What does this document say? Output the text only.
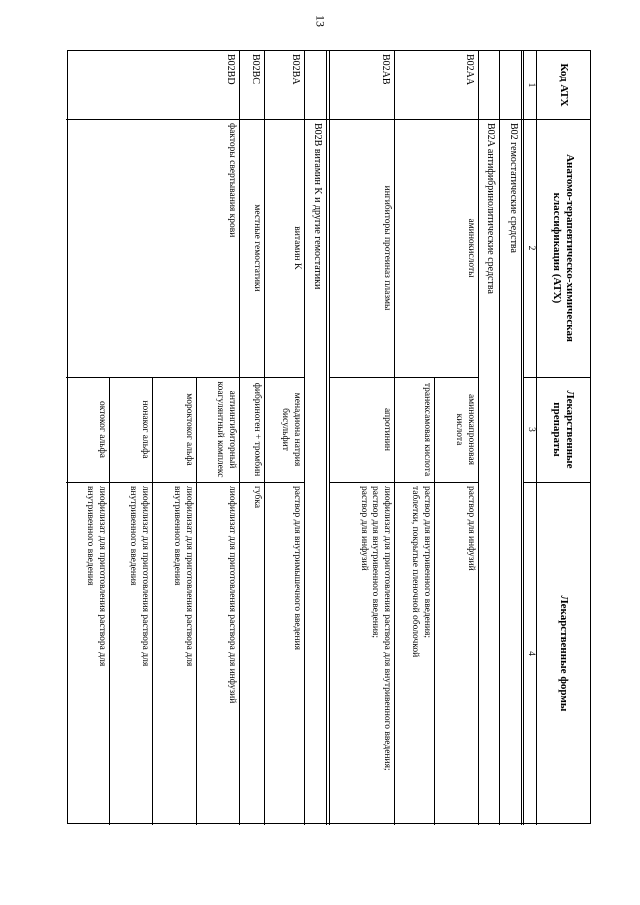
13
Код АТХ
Анатомо-терапевтическо-химическая классификация (АТХ)
Лекарственные препараты
Лекарственные формы
1
2
3
4
B02 гемостатические средства
B02A антифибринолитические средства
B02AA
аминокислоты
аминокапроновая кислота
раствор для инфузий
транексамовая кислота
раствор для внутривенного введения;
таблетки, покрытые пленочной оболочкой
B02AB
ингибиторы протеиназ плазмы
апротинин
лиофилизат для приготовления раствора для внутривенного введения;
раствор для внутривенного введения;
раствор для инфузий
B02B витамин K и другие гемостатики
B02BA
витамин K
менадиона натрия бисульфит
раствор для внутримышечного введения
B02BC
местные гемостатики
фибриноген + тромбин
губка
B02BD
факторы свертывания крови
антиингибиторный коагулянтный комплекс
лиофилизат для приготовления раствора для инфузий
мороктоког альфа
лиофилизат для приготовления раствора для внутривенного введения
нонаког альфа
лиофилизат для приготовления раствора для внутривенного введения
октоког альфа
лиофилизат для приготовления раствора для внутривенного введения
